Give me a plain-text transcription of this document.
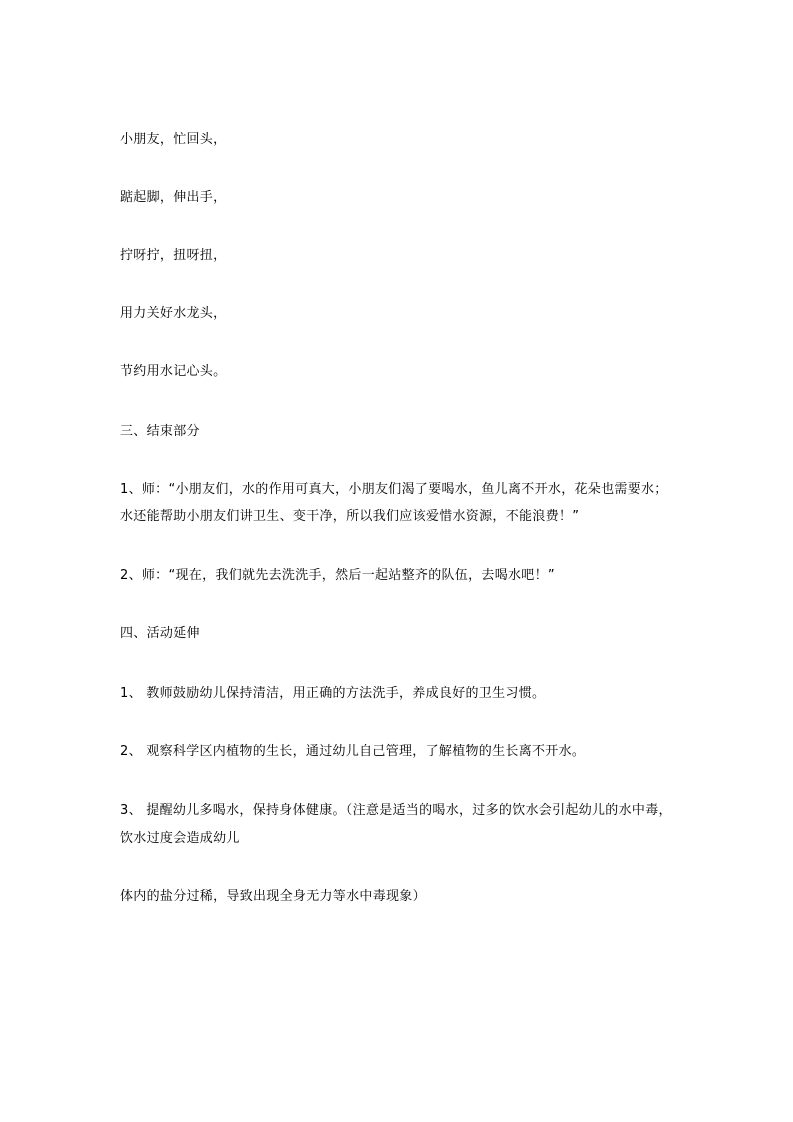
小朋友，忙回头，
踮起脚，伸出手，
拧呀拧，扭呀扭，
用力关好水龙头，
节约用水记心头。
三、结束部分
1、师：“小朋友们，水的作用可真大，小朋友们渴了要喝水，鱼儿离不开水，花朵也需要水；
水还能帮助小朋友们讲卫生、变干净，所以我们应该爱惜水资源，不能浪费！”
2、师：“现在，我们就先去洗洗手，然后一起站整齐的队伍，去喝水吧！”
四、活动延伸
1、 教师鼓励幼儿保持清洁，用正确的方法洗手，养成良好的卫生习惯。
2、 观察科学区内植物的生长，通过幼儿自己管理，了解植物的生长离不开水。
3、 提醒幼儿多喝水，保持身体健康。（注意是适当的喝水，过多的饮水会引起幼儿的水中毒，
饮水过度会造成幼儿
体内的盐分过稀，导致出现全身无力等水中毒现象）
